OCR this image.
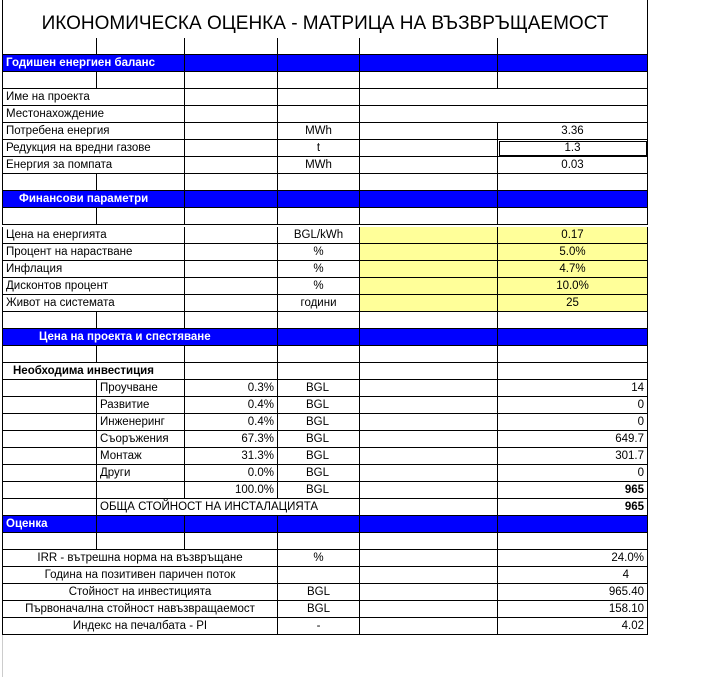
ИКОНОМИЧЕСКА ОЦЕНКА - МАТРИЦА НА ВЪЗВРЪЩАЕМОСТ
Годишен енергиен баланс
Име на проекта
Местонахождение
Потребена енергия	MWh	3.36
Редукция на вредни газове	t	1.3
Енергия за помпата	MWh	0.03
Финансови параметри
Цена на енергията	BGL/kWh	0.17
Процент на нарастване	%	5.0%
Инфлация	%	4.7%
Дисконтов процент	%	10.0%
Живот на системата	години	25
Цена на проекта и спестяване
Необходима инвестиция
Проучване	0.3%	BGL	14
Развитие	0.4%	BGL	0
Инженеринг	0.4%	BGL	0
Съоръжения	67.3%	BGL	649.7
Монтаж	31.3%	BGL	301.7
Други	0.0%	BGL	0
100.0%	BGL	965
ОБЩА СТОЙНОСТ НА ИНСТАЛАЦИЯТА	965
Оценка
IRR - вътрешна норма на възвръщане	%	24.0%
Година на позитивен паричен поток	4
Стойност на инвестицията	BGL	965.40
Първоначална стойност навъзвращаемост	BGL	158.10
Индекс на печалбата - PI	-	4.02
